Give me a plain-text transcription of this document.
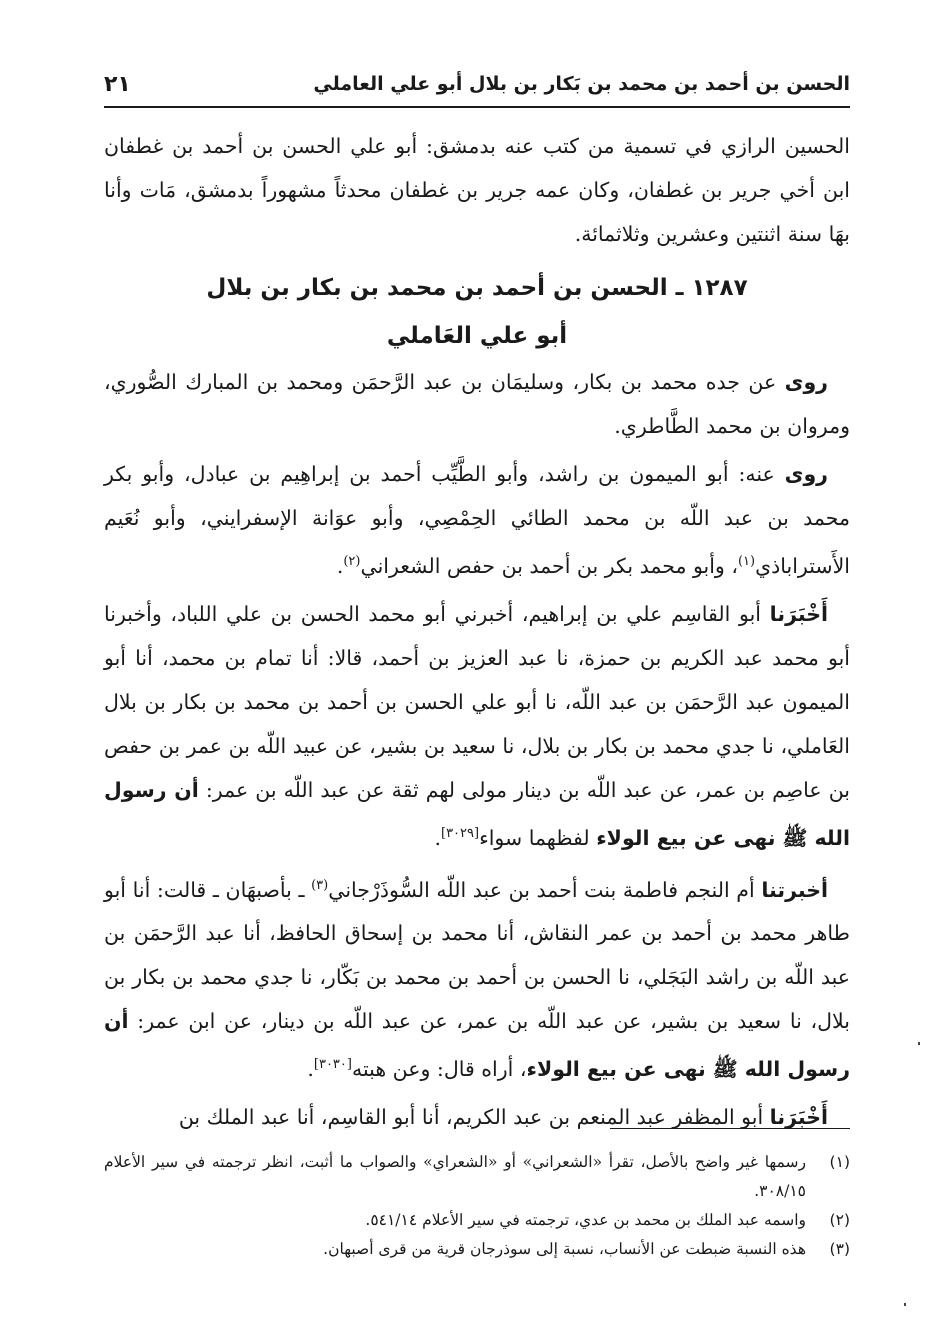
الحسن بن أحمد بن محمد بن بَكار بن بلال أبو علي العاملي
٢١

الحسين الرازي في تسمية من كتب عنه بدمشق: أبو علي الحسن بن أحمد بن غطفان ابن أخي جرير بن غطفان، وكان عمه جرير بن غطفان محدثاً مشهوراً بدمشق، مَات وأنا بهَا سنة اثنتين وعشرين وثلاثمائة.

١٢٨٧ ـ الحسن بن أحمد بن محمد بن بكار بن بلال
أبو علي العَاملي

روى عن جده محمد بن بكار، وسليمَان بن عبد الرَّحمَن ومحمد بن المبارك الصُّوري، ومروان بن محمد الطَّاطري.

روى عنه: أبو الميمون بن راشد، وأبو الطَّيِّب أحمد بن إبراهِيم بن عبادل، وأبو بكر محمد بن عبد اللّه بن محمد الطائي الحِمْصِي، وأبو عوَانة الإسفرايني، وأبو نُعَيم الأَستراباذي$^{(١)}$، وأبو محمد بكر بن أحمد بن حفص الشعراني$^{(٢)}$.

أَخْبَرَنا أبو القاسِم علي بن إبراهيم، أخبرني أبو محمد الحسن بن علي اللباد، وأخبرنا أبو محمد عبد الكريم بن حمزة، نا عبد العزيز بن أحمد، قالا: أنا تمام بن محمد، أنا أبو الميمون عبد الرَّحمَن بن عبد اللّه، نا أبو علي الحسن بن أحمد بن محمد بن بكار بن بلال العَاملي، نا جدي محمد بن بكار بن بلال، نا سعيد بن بشير، عن عبيد اللّه بن عمر بن حفص بن عاصِم بن عمر، عن عبد اللّه بن دينار مولى لهم ثقة عن عبد اللّه بن عمر: أن رسول الله ﷺ نهى عن بيع الولاء لفظهما سواء[٣٠٢٩].

أخبرتنا أم النجم فاطمة بنت أحمد بن عبد اللّه السُّوذَرْجاني$^{(٣)}$ ـ بأصبهَان ـ قالت: أنا أبو طاهر محمد بن أحمد بن عمر النقاش، أنا محمد بن إسحاق الحافظ، أنا عبد الرَّحمَن بن عبد اللّه بن راشد البَجَلي، نا الحسن بن أحمد بن محمد بن بَكّار، نا جدي محمد بن بكار بن بلال، نا سعيد بن بشير، عن عبد اللّه بن عمر، عن عبد اللّه بن دينار، عن ابن عمر: أن رسول الله ﷺ نهى عن بيع الولاء، أراه قال: وعن هبته[٣٠٣٠].

أَخْبَرَنا أبو المظفر عبد المنعم بن عبد الكريم، أنا أبو القاسِم، أنا عبد الملك بن

(١)
رسمها غير واضح بالأصل، تقرأ «الشعراني» أو «الشعراي» والصواب ما أثبت، انظر ترجمته في سير الأعلام ٣٠٨/١٥.
(٢)
واسمه عبد الملك بن محمد بن عدي، ترجمته في سير الأعلام ٥٤١/١٤.
(٣)
هذه النسبة ضبطت عن الأنساب، نسبة إلى سوذرجان قرية من قرى أصبهان.
